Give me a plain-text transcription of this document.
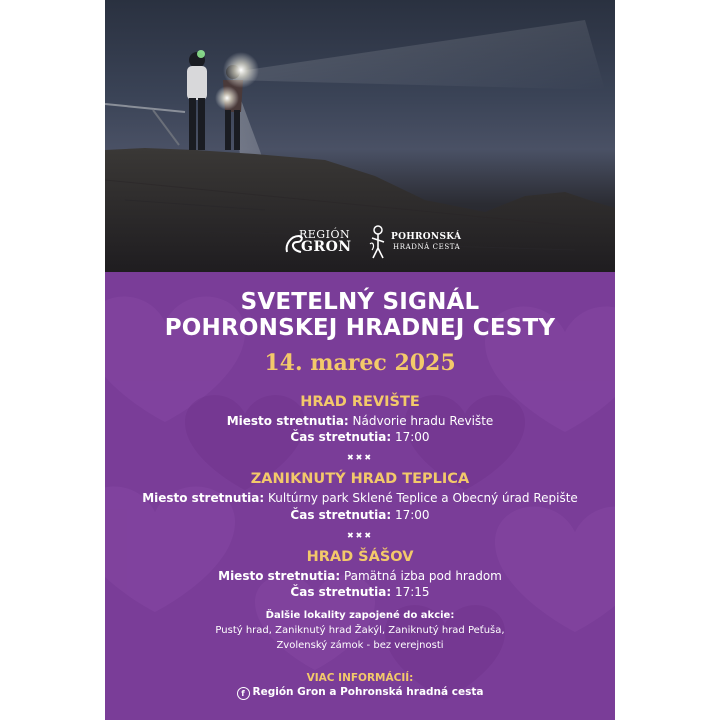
REGIÓN
GRON
POHRONSKÁ
HRADNÁ CESTA
SVETELNÝ SIGNÁL
POHRONSKEJ HRADNEJ CESTY
14. marec 2025
HRAD REVIŠTE
Miesto stretnutia: Nádvorie hradu Revište
Čas stretnutia: 17:00
✖✖✖
ZANIKNUTÝ HRAD TEPLICA
Miesto stretnutia: Kultúrny park Sklené Teplice a Obecný úrad Repište
Čas stretnutia: 17:00
✖✖✖
HRAD ŠÁŠOV
Miesto stretnutia: Pamätná izba pod hradom
Čas stretnutia: 17:15
Ďalšie lokality zapojené do akcie:
Pustý hrad, Zaniknutý hrad Žakýl, Zaniknutý hrad Peťuša,
Zvolenský zámok - bez verejnosti
VIAC INFORMÁCIÍ:
f Región Gron a Pohronská hradná cesta
